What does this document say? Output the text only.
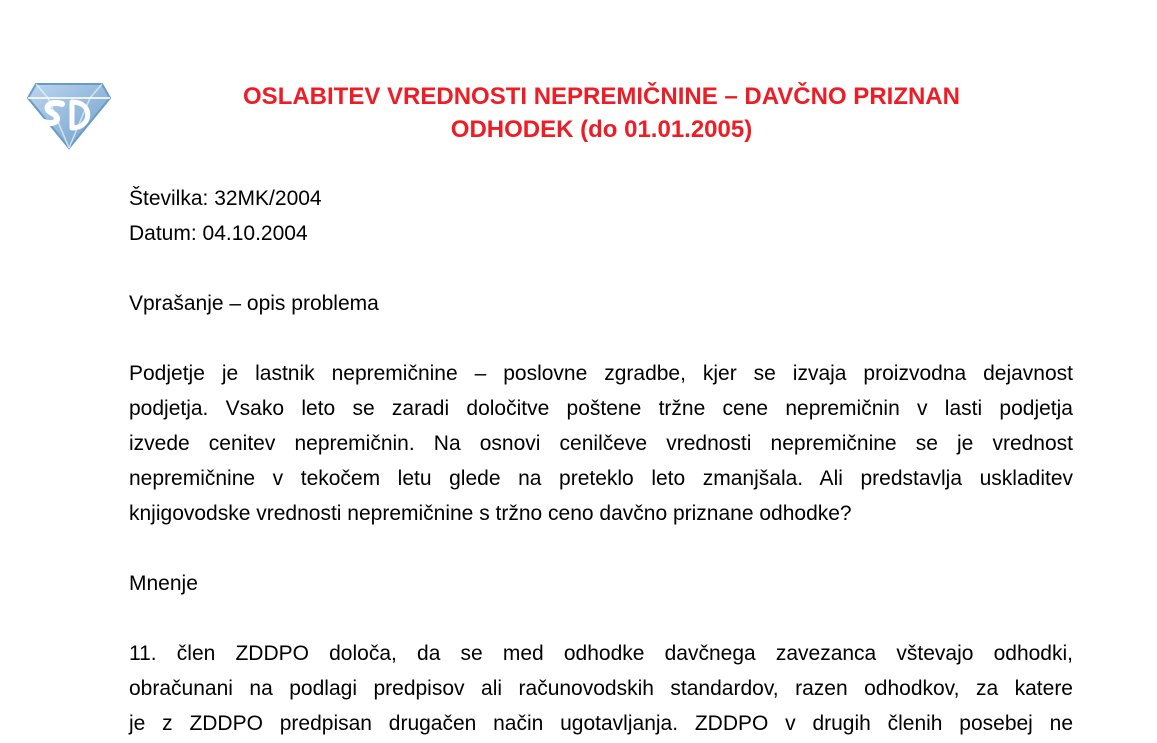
OSLABITEV VREDNOSTI NEPREMIČNINE – DAVČNO PRIZNAN
ODHODEK (do 01.01.2005)

Številka: 32MK/2004

Datum: 04.10.2004

Vprašanje – opis problema

Podjetje je lastnik nepremičnine – poslovne zgradbe, kjer se izvaja proizvodna dejavnost
podjetja. Vsako leto se zaradi določitve poštene tržne cene nepremičnin v lasti podjetja
izvede cenitev nepremičnin. Na osnovi cenilčeve vrednosti nepremičnine se je vrednost
nepremičnine v tekočem letu glede na preteklo leto zmanjšala. Ali predstavlja uskladitev
knjigovodske vrednosti nepremičnine s tržno ceno davčno priznane odhodke?

Mnenje

11. člen ZDDPO določa, da se med odhodke davčnega zavezanca vštevajo odhodki,
obračunani na podlagi predpisov ali računovodskih standardov, razen odhodkov, za katere
je z ZDDPO predpisan drugačen način ugotavljanja. ZDDPO v drugih členih posebej ne
